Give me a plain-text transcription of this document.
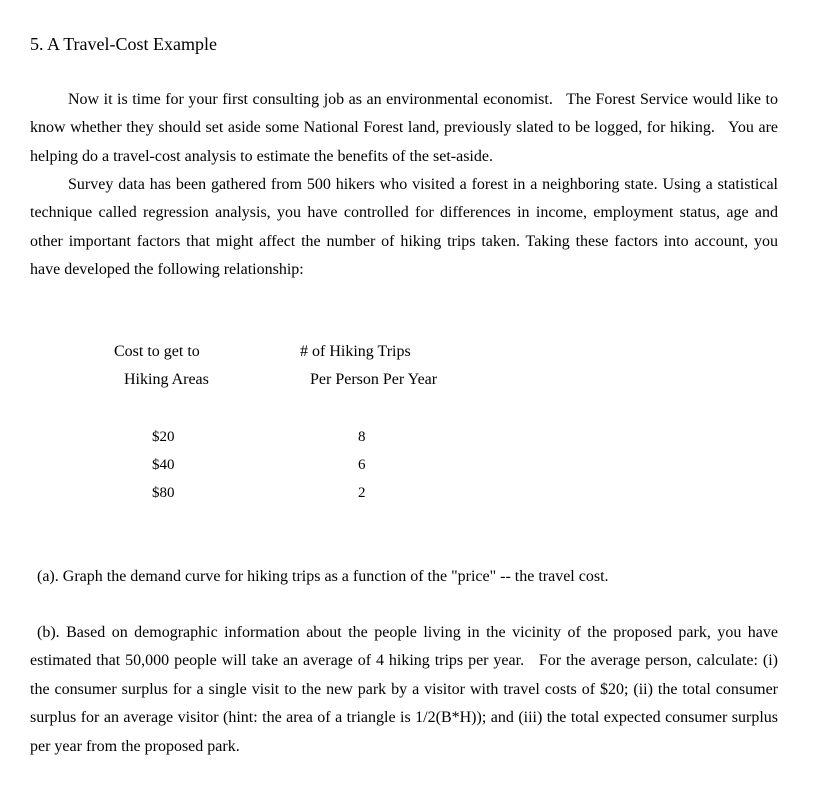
5. A Travel-Cost Example

Now it is time for your first consulting job as an environmental economist.   The Forest Service would like to know whether they should set aside some National Forest land, previously slated to be logged, for hiking.   You are helping do a travel-cost analysis to estimate the benefits of the set-aside.

Survey data has been gathered from 500 hikers who visited a forest in a neighboring state. Using a statistical technique called regression analysis, you have controlled for differences in income, employment status, age and other important factors that might affect the number of hiking trips taken. Taking these factors into account, you have developed the following relationship:

Cost to get to
Hiking Areas
# of Hiking Trips
Per Person Per Year
$20
$40
$80
8
6
2
(a). Graph the demand curve for hiking trips as a function of the "price" -- the travel cost.

(b). Based on demographic information about the people living in the vicinity of the proposed park, you have estimated that 50,000 people will take an average of 4 hiking trips per year.   For the average person, calculate: (i) the consumer surplus for a single visit to the new park by a visitor with travel costs of $20; (ii) the total consumer surplus for an average visitor (hint: the area of a triangle is 1/2(B*H)); and (iii) the total expected consumer surplus per year from the proposed park.
